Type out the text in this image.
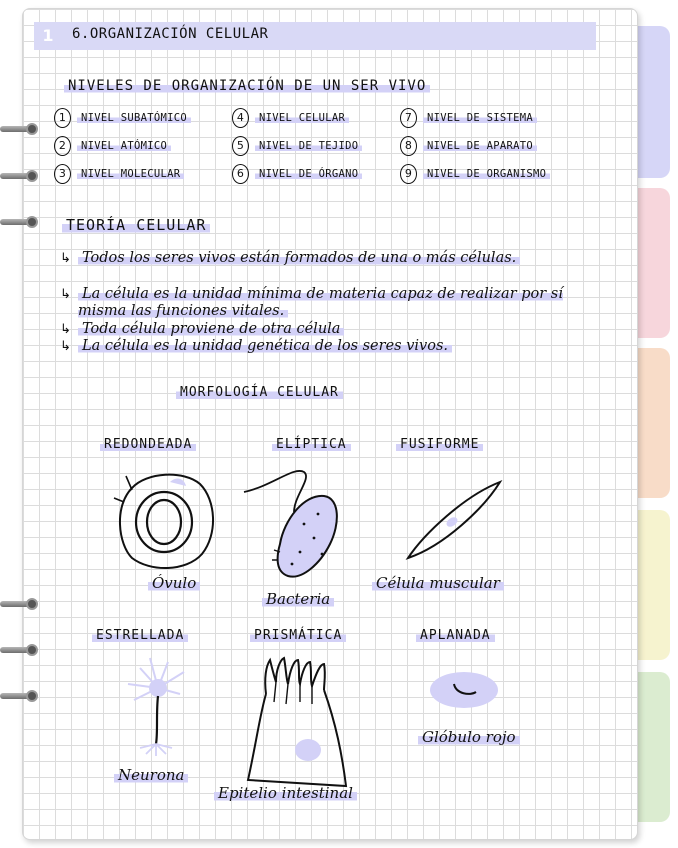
1	6.ORGANIZACIÓN CELULAR
NIVELES DE ORGANIZACIÓN DE UN SER VIVO
1	NIVEL SUBATÓMICO
2	NIVEL ATÓMICO
3	NIVEL MOLECULAR
4	NIVEL CELULAR
5	NIVEL DE TEJIDO
6	NIVEL DE ÓRGANO
7	NIVEL DE SISTEMA
8	NIVEL DE APARATO
9	NIVEL DE ORGANISMO
TEORÍA CELULAR
↳ Todos los seres vivos están formados de una o más células.
↳ La célula es la unidad mínima de materia capaz de realizar por sí misma las funciones vitales.
↳ Toda célula proviene de otra célula
↳ La célula es la unidad genética de los seres vivos.
MORFOLOGÍA CELULAR
REDONDEADA	ELÍPTICA	FUSIFORME
Óvulo
Bacteria
Célula muscular
ESTRELLADA	PRISMÁTICA	APLANADA
Neurona
Epitelio intestinal
Glóbulo rojo
